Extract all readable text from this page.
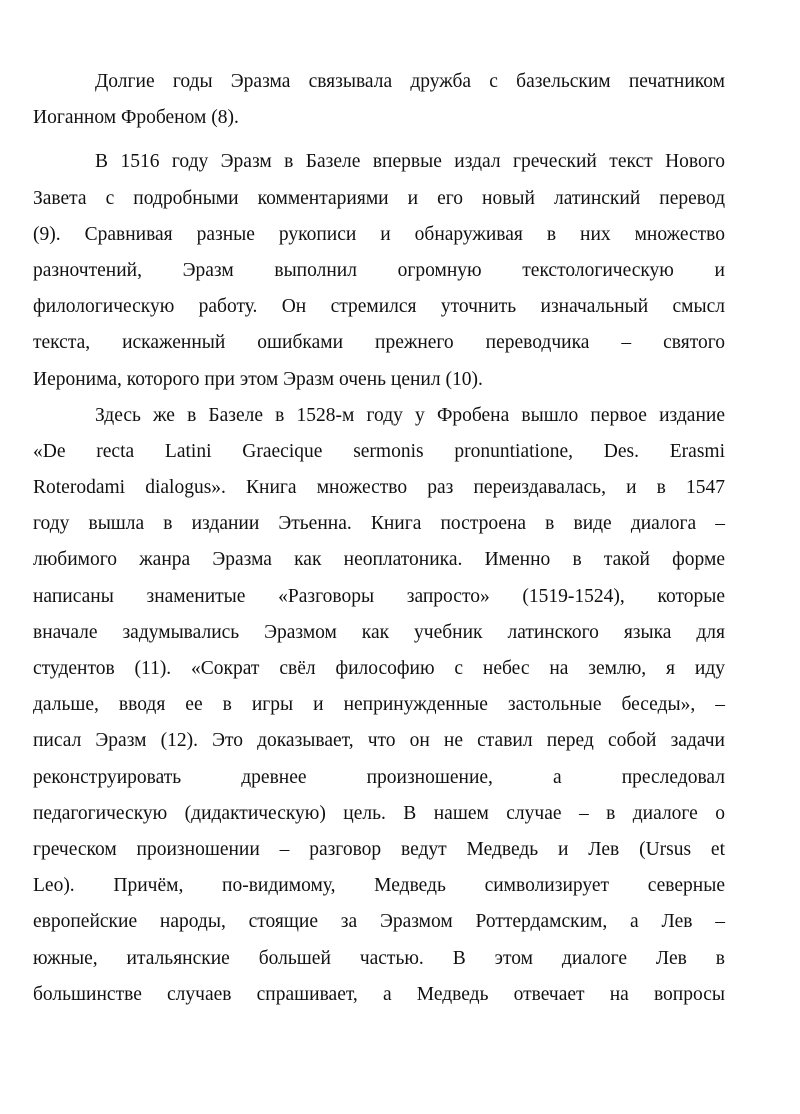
Долгие годы Эразма связывала дружба с базельским печатником
Иоганном Фробеном (8).
В 1516 году Эразм в Базеле впервые издал греческий текст Нового
Завета с подробными комментариями и его новый латинский перевод
(9). Сравнивая разные рукописи и обнаруживая в них множество
разночтений, Эразм выполнил огромную текстологическую и
филологическую работу. Он стремился уточнить изначальный смысл
текста, искаженный ошибками прежнего переводчика – святого
Иеронима, которого при этом Эразм очень ценил (10).
Здесь же в Базеле в 1528-м году у Фробена вышло первое издание
«De recta Latini Graecique sermonis pronuntiatione, Des. Erasmi
Roterodami dialogus». Книга множество раз переиздавалась, и в 1547
году вышла в издании Этьенна. Книга построена в виде диалога –
любимого жанра Эразма как неоплатоника. Именно в такой форме
написаны знаменитые «Разговоры запросто» (1519-1524), которые
вначале задумывались Эразмом как учебник латинского языка для
студентов (11). «Сократ свёл философию с небес на землю, я иду
дальше, вводя ее в игры и непринужденные застольные беседы», –
писал Эразм (12). Это доказывает, что он не ставил перед собой задачи
реконструировать древнее произношение, а преследовал
педагогическую (дидактическую) цель. В нашем случае – в диалоге о
греческом произношении – разговор ведут Медведь и Лев (Ursus et
Leo). Причём, по-видимому, Медведь символизирует северные
европейские народы, стоящие за Эразмом Роттердамским, а Лев –
южные, итальянские большей частью. В этом диалоге Лев в
большинстве случаев спрашивает, а Медведь отвечает на вопросы
